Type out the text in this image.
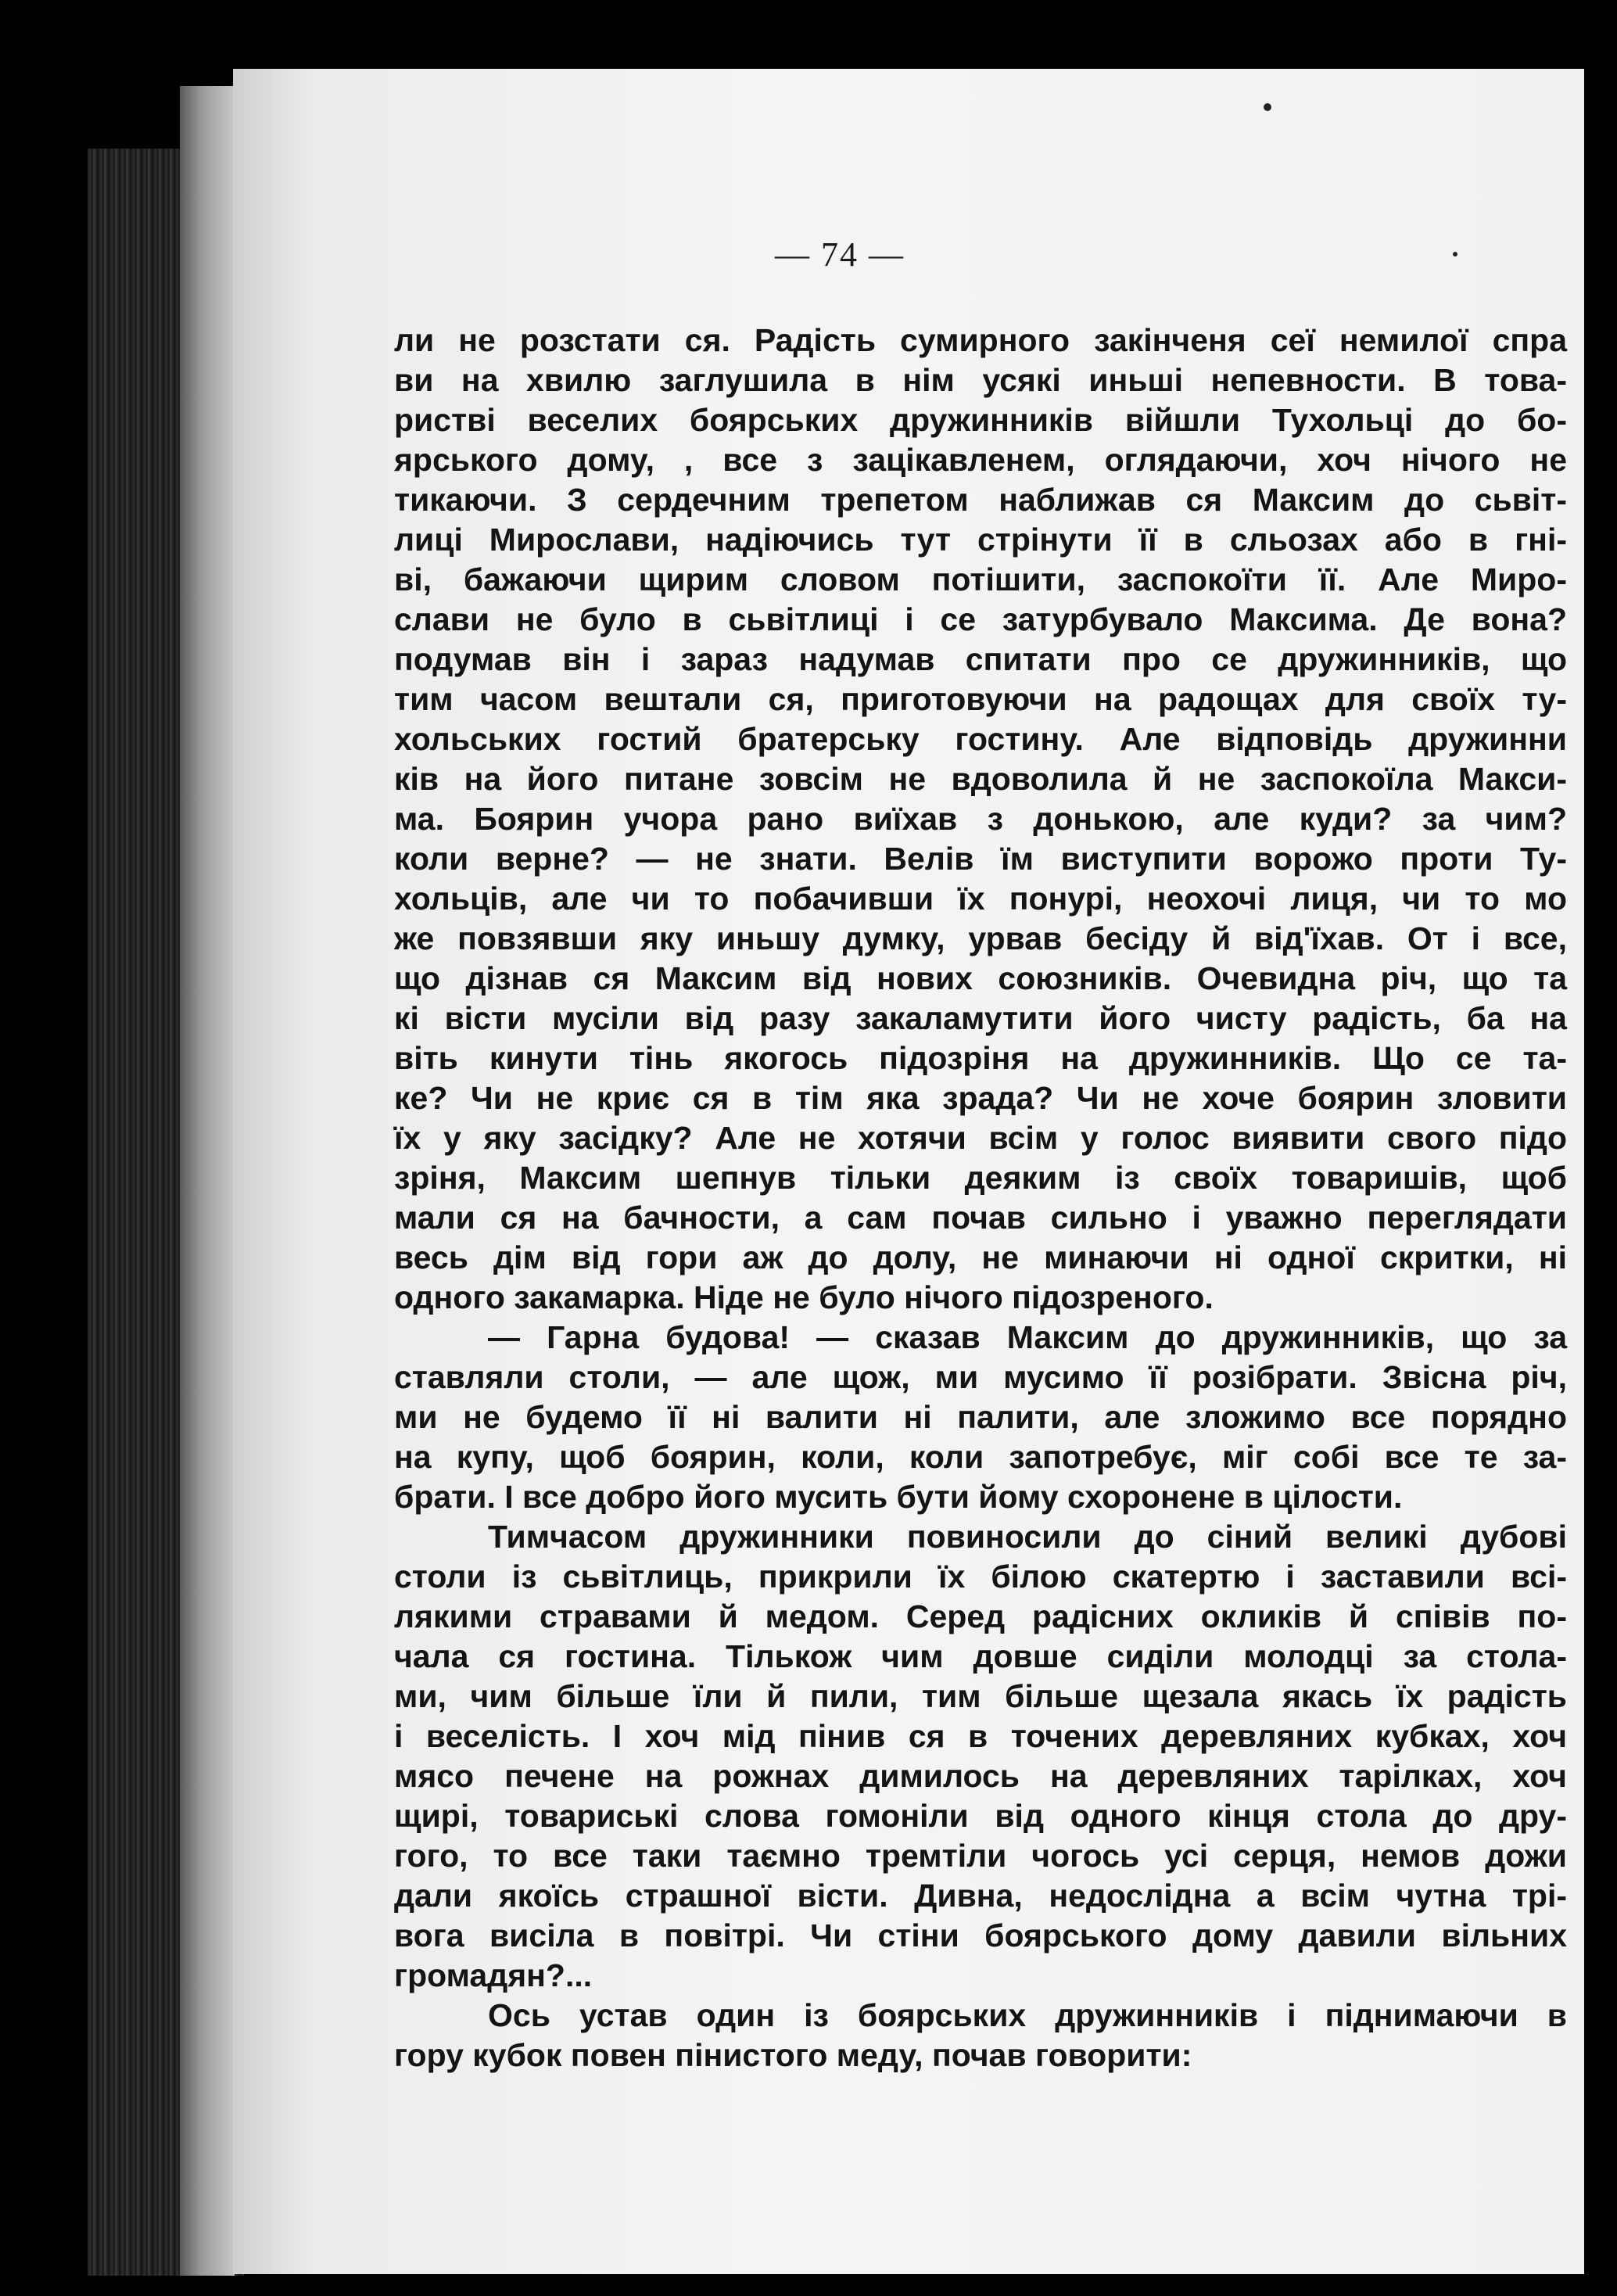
— 74 —
ли не розстати ся. Радість сумирного закінченя сеї немилої спра
ви на хвилю заглушила в нім усякі иньші непевности. В това-
ристві веселих боярських дружинників війшли Тухольці до бо-
ярського дому, , все з зацікавленем, оглядаючи, хоч нічого не
тикаючи. З сердечним трепетом наближав ся Максим до сьвіт-
лиці Мирослави, надіючись тут стрінути її в сльозах або в гні-
ві, бажаючи щирим словом потішити, заспокоїти її. Але Миро-
слави не було в сьвітлиці і се затурбувало Максима. Де вона?
подумав він і зараз надумав спитати про се дружинників, що
тим часом вештали ся, приготовуючи на радощах для своїх ту-
хольських гостий братерську гостину. Але відповідь дружинни
ків на його питане зовсім не вдоволила й не заспокоїла Макси-
ма. Боярин учора рано виїхав з донькою, але куди? за чим?
коли верне? — не знати. Велів їм виступити ворожо проти Ту-
хольців, але чи то побачивши їх понурі, неохочі лиця, чи то мо
же повзявши яку иньшу думку, урвав бесіду й від'їхав. От і все,
що дізнав ся Максим від нових союзників. Очевидна річ, що та
кі вісти мусіли від разу закаламутити його чисту радість, ба на
віть кинути тінь якогось підозріня на дружинників. Що се та-
ке? Чи не криє ся в тім яка зрада? Чи не хоче боярин зловити
їх у яку засідку? Але не хотячи всім у голос виявити свого підо
зріня, Максим шепнув тільки деяким із своїх товаришів, щоб
мали ся на бачности, а сам почав сильно і уважно переглядати
весь дім від гори аж до долу, не минаючи ні одної скритки, ні
одного закамарка. Ніде не було нічого підозреного.
— Гарна будова! — сказав Максим до дружинників, що за
ставляли столи, — але щож, ми мусимо її розібрати. Звісна річ,
ми не будемо її ні валити ні палити, але зложимо все порядно
на купу, щоб боярин, коли, коли запотребує, міг собі все те за-
брати. І все добро його мусить бути йому схоронене в цілости.
Тимчасом дружинники повиносили до сіний великі дубові
столи із сьвітлиць, прикрили їх білою скатертю і заставили всі-
лякими стравами й медом. Серед радісних окликів й співів по-
чала ся гостина. Тількож чим довше сиділи молодці за стола-
ми, чим більше їли й пили, тим більше щезала якась їх радість
і веселість. І хоч мід пінив ся в точених деревляних кубках, хоч
мясо печене на рожнах димилось на деревляних тарілках, хоч
щирі, товариські слова гомоніли від одного кінця стола до дру-
гого, то все таки таємно тремтіли чогось усі серця, немов дожи
дали якоїсь страшної вісти. Дивна, недослідна а всім чутна трі-
вога висіла в повітрі. Чи стіни боярського дому давили вільних
громадян?...
Ось устав один із боярських дружинників і піднимаючи в
гору кубок повен пінистого меду, почав говорити:
